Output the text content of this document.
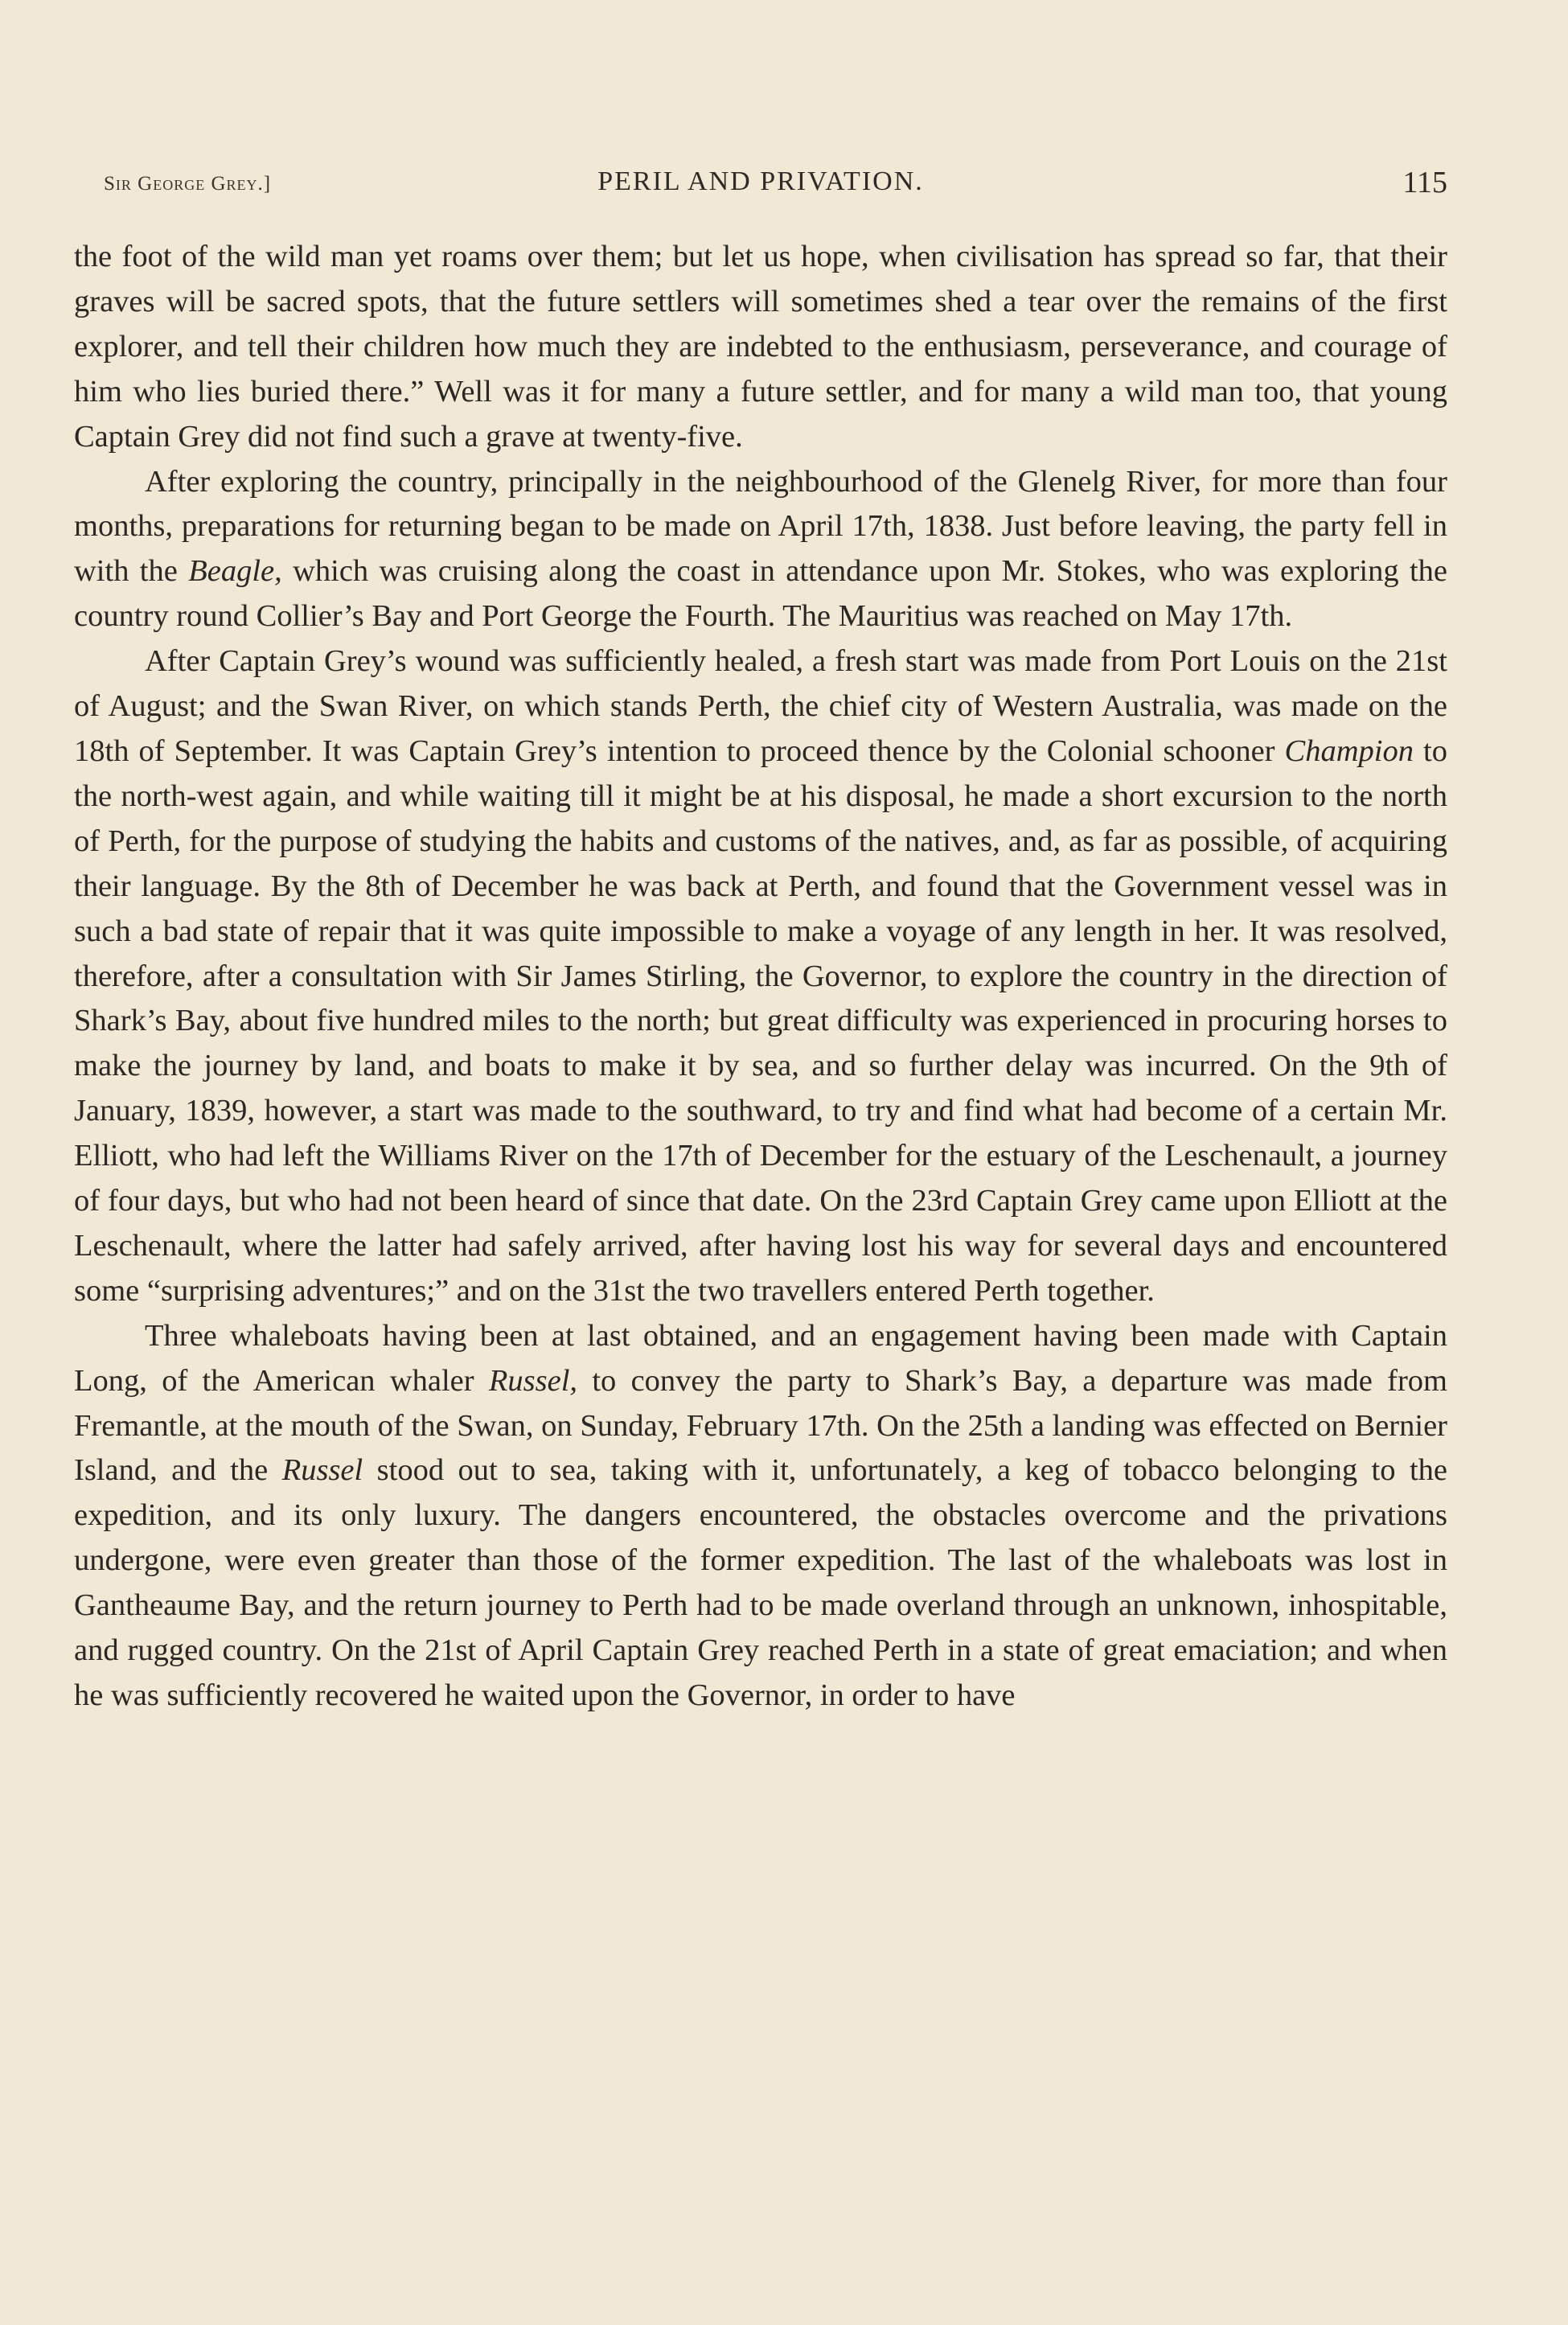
Sir George Grey.]	PERIL AND PRIVATION.	115

the foot of the wild man yet roams over them; but let us hope, when civilisation has spread so far, that their graves will be sacred spots, that the future settlers will sometimes shed a tear over the remains of the first explorer, and tell their children how much they are indebted to the enthusiasm, perseverance, and courage of him who lies buried there.” Well was it for many a future settler, and for many a wild man too, that young Captain Grey did not find such a grave at twenty-five.

After exploring the country, principally in the neighbourhood of the Glenelg River, for more than four months, preparations for returning began to be made on April 17th, 1838. Just before leaving, the party fell in with the Beagle, which was cruising along the coast in attendance upon Mr. Stokes, who was exploring the country round Collier’s Bay and Port George the Fourth. The Mauritius was reached on May 17th.

After Captain Grey’s wound was sufficiently healed, a fresh start was made from Port Louis on the 21st of August; and the Swan River, on which stands Perth, the chief city of Western Australia, was made on the 18th of September. It was Captain Grey’s intention to proceed thence by the Colonial schooner Champion to the north-west again, and while waiting till it might be at his disposal, he made a short excursion to the north of Perth, for the purpose of studying the habits and customs of the natives, and, as far as possible, of acquiring their language. By the 8th of December he was back at Perth, and found that the Government vessel was in such a bad state of repair that it was quite impossible to make a voyage of any length in her. It was resolved, therefore, after a consultation with Sir James Stirling, the Governor, to explore the country in the direction of Shark’s Bay, about five hundred miles to the north; but great difficulty was experienced in procuring horses to make the journey by land, and boats to make it by sea, and so further delay was incurred. On the 9th of January, 1839, however, a start was made to the southward, to try and find what had become of a certain Mr. Elliott, who had left the Williams River on the 17th of December for the estuary of the Leschenault, a journey of four days, but who had not been heard of since that date. On the 23rd Captain Grey came upon Elliott at the Leschenault, where the latter had safely arrived, after having lost his way for several days and encountered some “surprising adventures;” and on the 31st the two travellers entered Perth together.

Three whaleboats having been at last obtained, and an engagement having been made with Captain Long, of the American whaler Russel, to convey the party to Shark’s Bay, a departure was made from Fremantle, at the mouth of the Swan, on Sunday, February 17th. On the 25th a landing was effected on Bernier Island, and the Russel stood out to sea, taking with it, unfortunately, a keg of tobacco belonging to the expedition, and its only luxury. The dangers encountered, the obstacles overcome and the privations undergone, were even greater than those of the former expedition. The last of the whaleboats was lost in Gantheaume Bay, and the return journey to Perth had to be made overland through an unknown, inhospitable, and rugged country. On the 21st of April Captain Grey reached Perth in a state of great emaciation; and when he was sufficiently recovered he waited upon the Governor, in order to have
